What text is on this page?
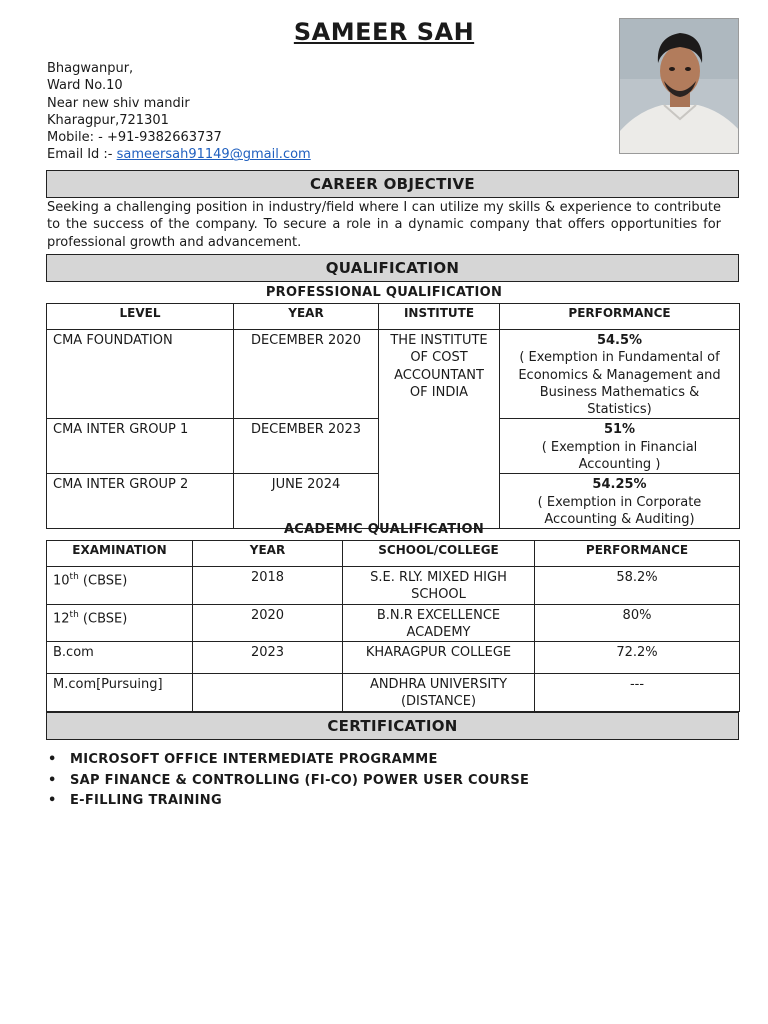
SAMEER SAH
Bhagwanpur,
Ward No.10
Near new shiv mandir
Kharagpur,721301
Mobile: - +91-9382663737
Email Id :- sameersah91149@gmail.com
CAREER OBJECTIVE
Seeking a challenging position in industry/field where I can utilize my skills & experience to contribute to the success of the company. To secure a role in a dynamic company that offers opportunities for professional growth and advancement.
QUALIFICATION
PROFESSIONAL QUALIFICATION
LEVEL	YEAR	INSTITUTE	PERFORMANCE
CMA FOUNDATION	DECEMBER 2020	THE INSTITUTE OF COST ACCOUNTANT OF INDIA	54.5%
( Exemption in Fundamental of Economics & Management and Business Mathematics & Statistics)
CMA INTER GROUP 1	DECEMBER 2023		51%
( Exemption in Financial Accounting )
CMA INTER GROUP 2	JUNE 2024		54.25%
( Exemption in Corporate Accounting & Auditing)
ACADEMIC QUALIFICATION
EXAMINATION	YEAR	SCHOOL/COLLEGE	PERFORMANCE
10th (CBSE)	2018	S.E. RLY. MIXED HIGH SCHOOL	58.2%
12th (CBSE)	2020	B.N.R EXCELLENCE ACADEMY	80%
B.com	2023	KHARAGPUR COLLEGE	72.2%
M.com[Pursuing]		ANDHRA UNIVERSITY (DISTANCE)	---
CERTIFICATION
• MICROSOFT OFFICE INTERMEDIATE PROGRAMME
• SAP FINANCE & CONTROLLING (FI-CO) POWER USER COURSE
• E-FILLING TRAINING
